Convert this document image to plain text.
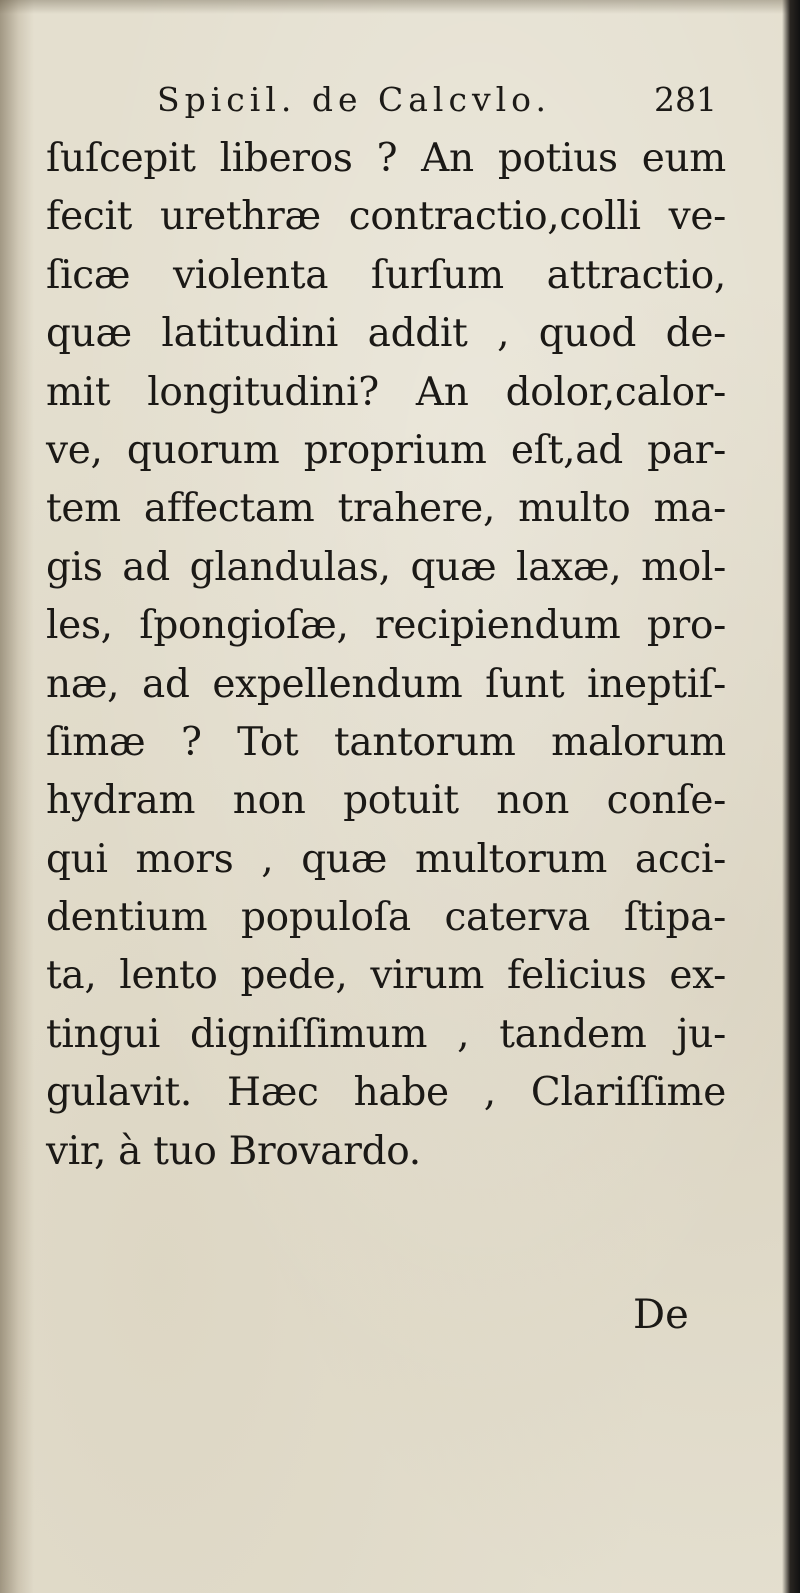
Spicil. de Calcvlo.	281
ſuſcepit liberos ? An potius eum
fecit urethræ contractio,colli ve-
ſicæ violenta ſurſum attractio,
quæ latitudini addit , quod de-
mit longitudini? An dolor,calor-
ve, quorum proprium eſt,ad par-
tem affectam trahere, multo ma-
gis ad glandulas, quæ laxæ, mol-
les, ſpongioſæ, recipiendum pro-
næ, ad expellendum ſunt ineptiſ-
ſimæ ? Tot tantorum malorum
hydram non potuit non conſe-
qui mors , quæ multorum acci-
dentium populoſa caterva ſtipa-
ta, lento pede, virum felicius ex-
tingui digniſſimum , tandem ju-
gulavit. Hæc habe , Clariſſime
vir, à tuo Brovardo.
De
